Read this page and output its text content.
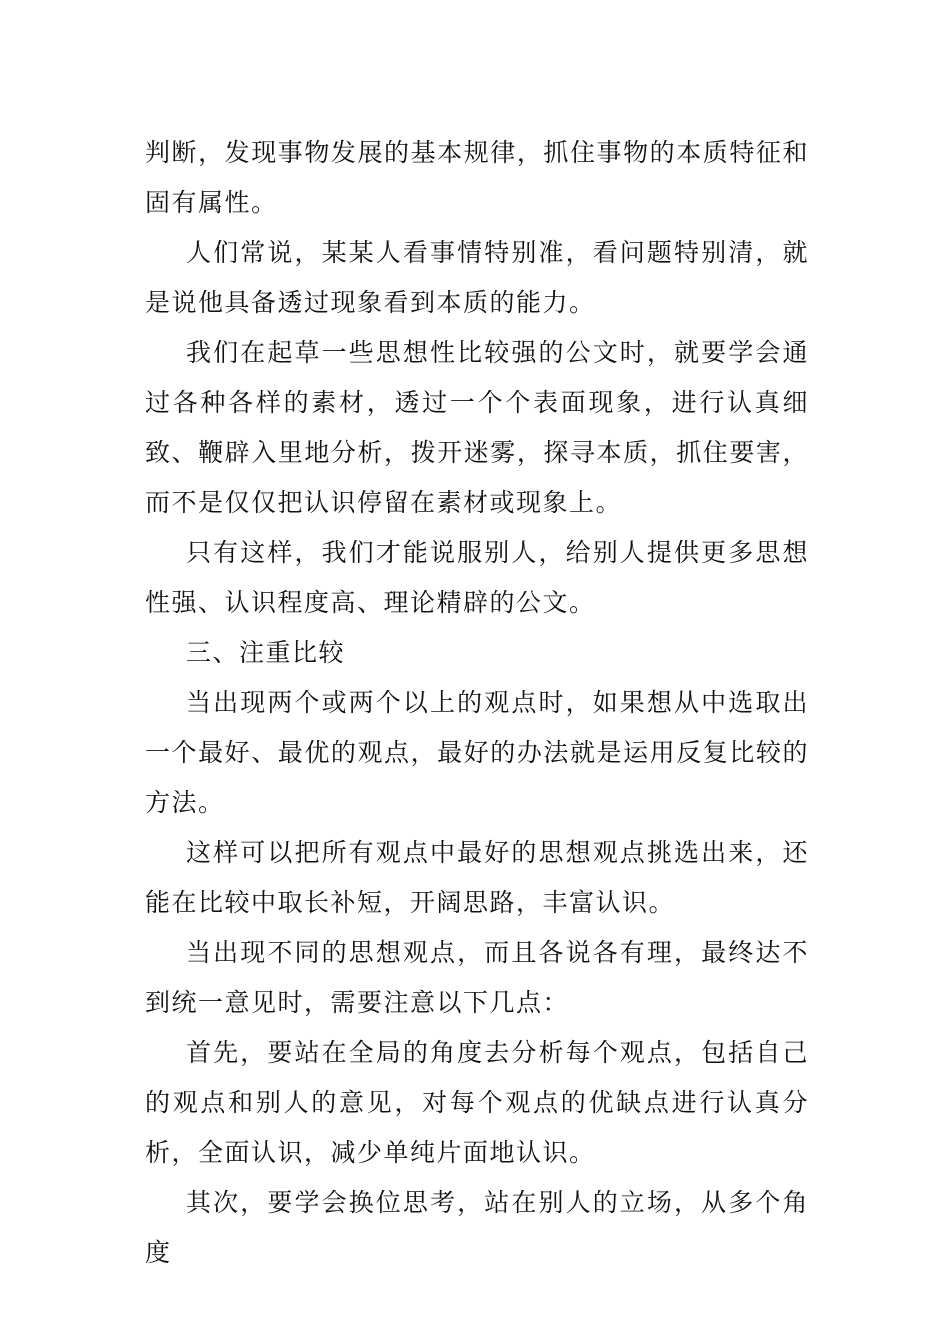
判断，发现事物发展的基本规律，抓住事物的本质特征和固有属性。

人们常说，某某人看事情特别准，看问题特别清，就是说他具备透过现象看到本质的能力。

我们在起草一些思想性比较强的公文时，就要学会通过各种各样的素材，透过一个个表面现象，进行认真细致、鞭辟入里地分析，拨开迷雾，探寻本质，抓住要害，而不是仅仅把认识停留在素材或现象上。

只有这样，我们才能说服别人，给别人提供更多思想性强、认识程度高、理论精辟的公文。

三、注重比较

当出现两个或两个以上的观点时，如果想从中选取出一个最好、最优的观点，最好的办法就是运用反复比较的方法。

这样可以把所有观点中最好的思想观点挑选出来，还能在比较中取长补短，开阔思路，丰富认识。

当出现不同的思想观点，而且各说各有理，最终达不到统一意见时，需要注意以下几点：

首先，要站在全局的角度去分析每个观点，包括自己的观点和别人的意见，对每个观点的优缺点进行认真分析，全面认识，减少单纯片面地认识。

其次，要学会换位思考，站在别人的立场，从多个角度
